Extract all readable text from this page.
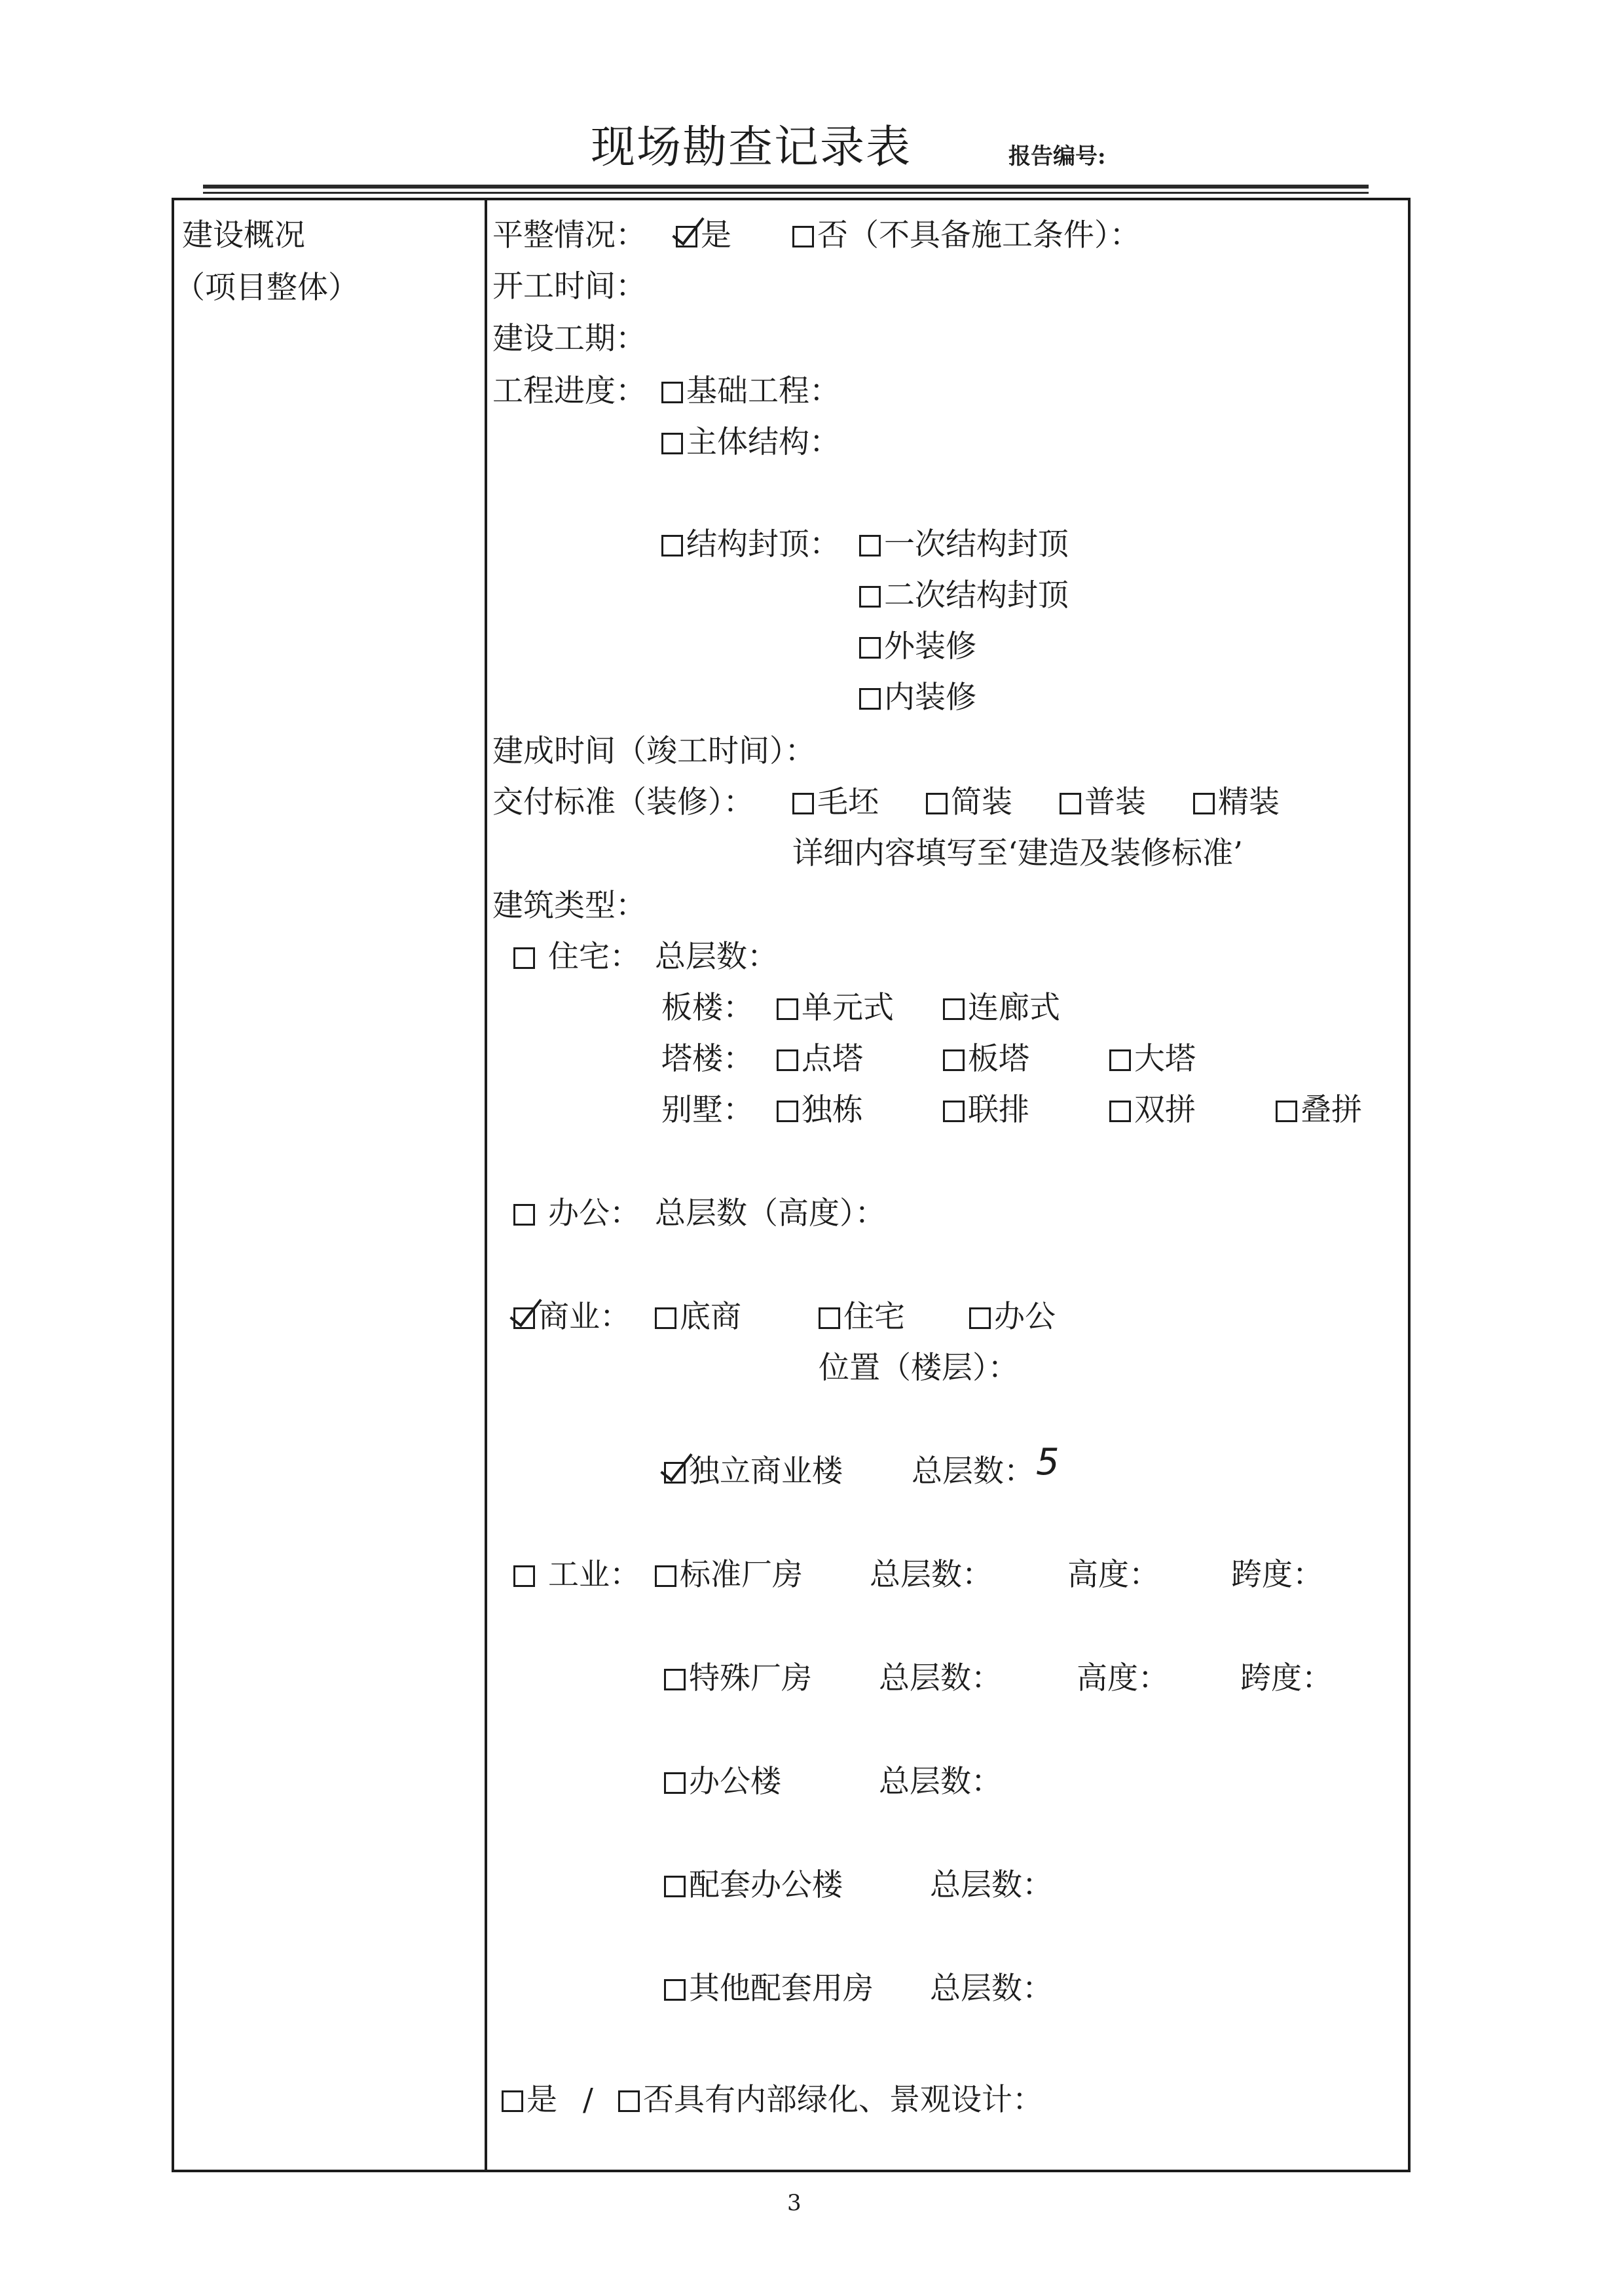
现场勘查记录表	报告编号:
建设概况
（项目整体）
平整情况：	是	否（不具备施工条件）：
开工时间：
建设工期：
工程进度：	基础工程：
主体结构：
结构封顶：	一次结构封顶
二次结构封顶
外装修
内装修
建成时间（竣工时间）：
交付标准（装修）：	毛坯	简装	普装	精装
详细内容填写至‘建造及装修标准’
建筑类型：
住宅： 总层数：
板楼：	单元式	连廊式
塔楼：	点塔	板塔	大塔
别墅：	独栋	联排	双拼	叠拼
办公： 总层数（高度）：
商业：	底商	住宅	办公
位置（楼层）：
独立商业楼 总层数： 5
工业：	标准厂房 总层数： 高度： 跨度：
特殊厂房 总层数： 高度： 跨度：
办公楼	总层数：
配套办公楼	总层数：
其他配套用房 总层数：
是 /	否具有内部绿化、景观设计：
3
